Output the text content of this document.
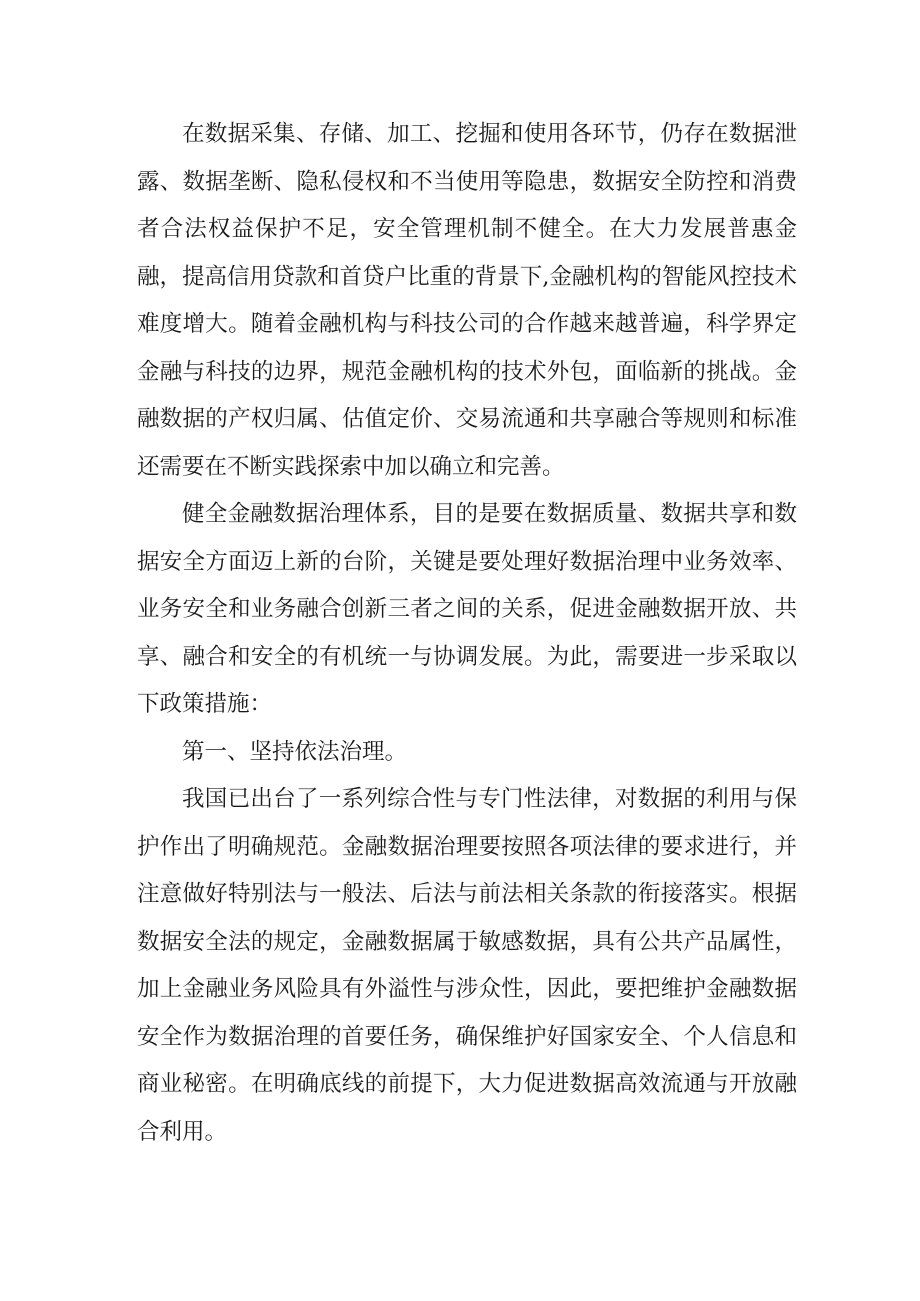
在数据采集、存储、加工、挖掘和使用各环节，仍存在数据泄露、数据垄断、隐私侵权和不当使用等隐患，数据安全防控和消费者合法权益保护不足，安全管理机制不健全。在大力发展普惠金融，提高信用贷款和首贷户比重的背景下,金融机构的智能风控技术难度增大。随着金融机构与科技公司的合作越来越普遍，科学界定金融与科技的边界，规范金融机构的技术外包，面临新的挑战。金融数据的产权归属、估值定价、交易流通和共享融合等规则和标准还需要在不断实践探索中加以确立和完善。

健全金融数据治理体系，目的是要在数据质量、数据共享和数据安全方面迈上新的台阶，关键是要处理好数据治理中业务效率、业务安全和业务融合创新三者之间的关系，促进金融数据开放、共享、融合和安全的有机统一与协调发展。为此，需要进一步采取以下政策措施：

第一、坚持依法治理。

我国已出台了一系列综合性与专门性法律，对数据的利用与保护作出了明确规范。金融数据治理要按照各项法律的要求进行，并注意做好特别法与一般法、后法与前法相关条款的衔接落实。根据数据安全法的规定，金融数据属于敏感数据，具有公共产品属性，加上金融业务风险具有外溢性与涉众性，因此，要把维护金融数据安全作为数据治理的首要任务，确保维护好国家安全、个人信息和商业秘密。在明确底线的前提下，大力促进数据高效流通与开放融合利用。
